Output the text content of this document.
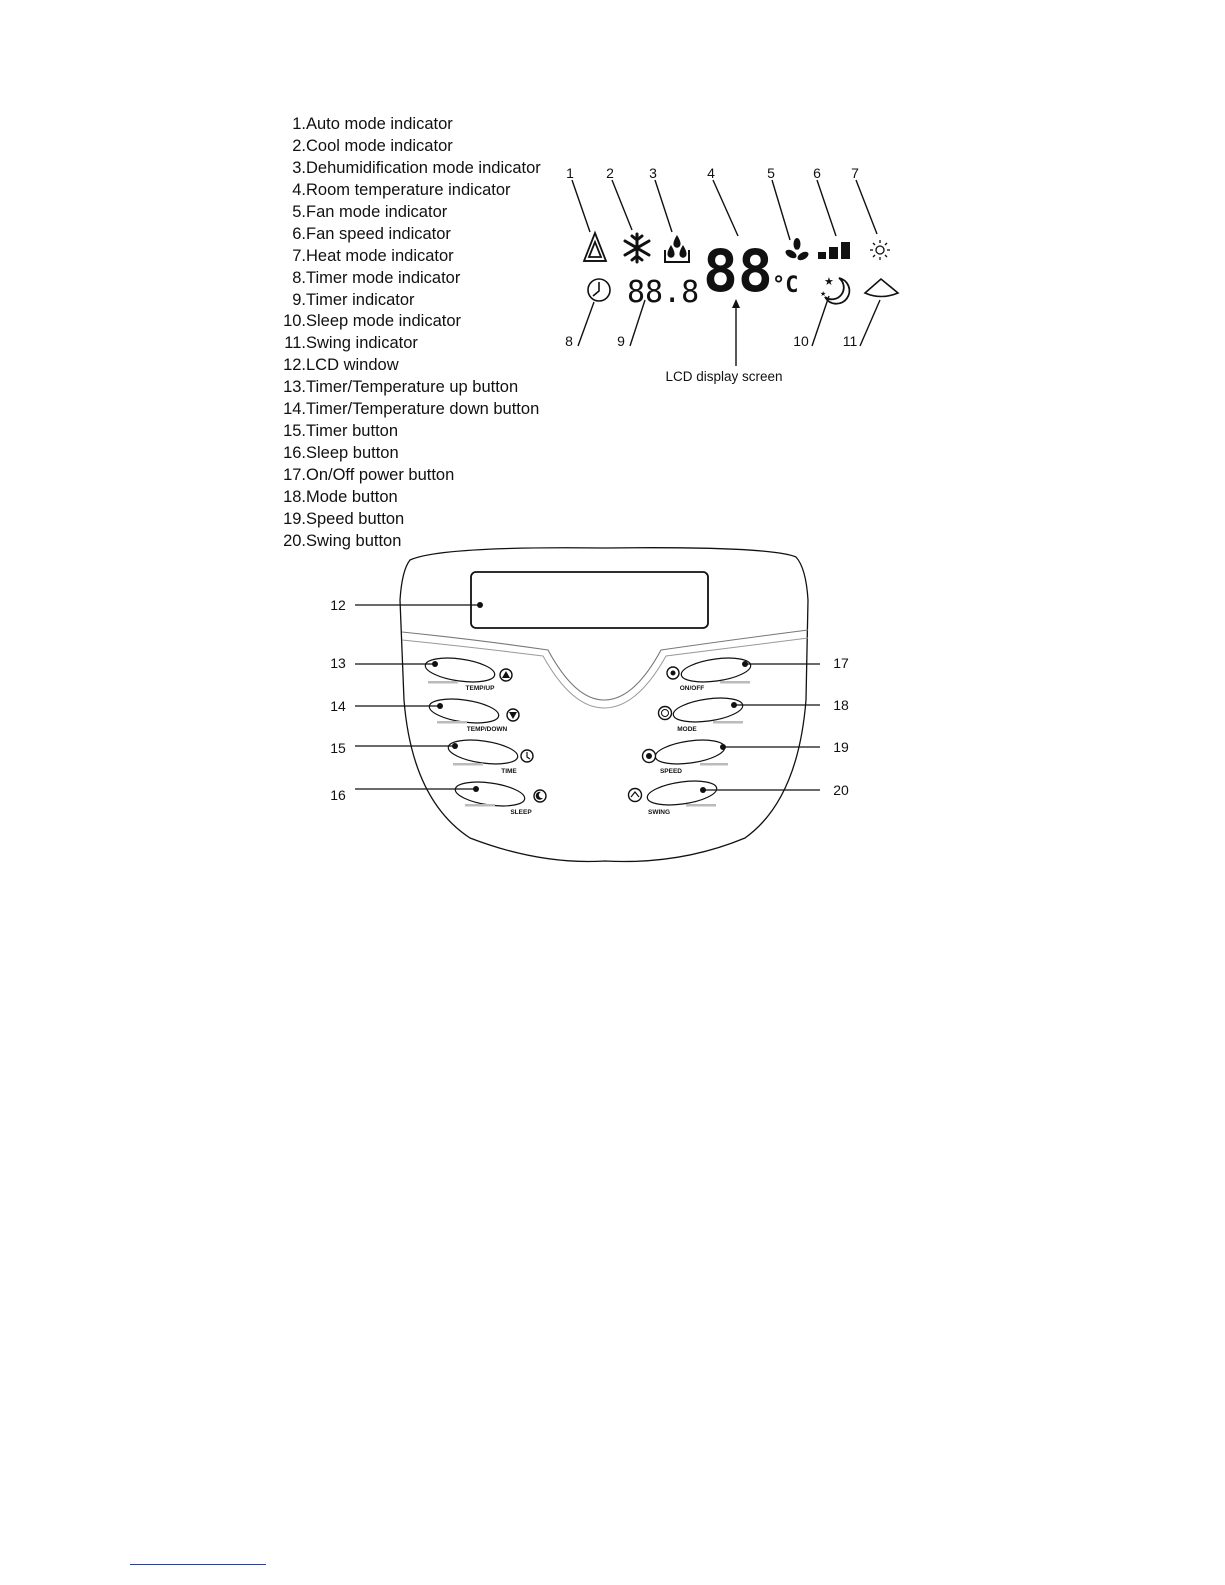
1.Auto mode indicator
2.Cool mode indicator
3.Dehumidification mode indicator
4.Room temperature indicator
5.Fan mode indicator
6.Fan speed indicator
7.Heat mode indicator
8.Timer mode indicator
9.Timer indicator
10.Sleep mode indicator
11.Swing indicator
12.LCD window
13.Timer/Temperature up button
14.Timer/Temperature down button
15.Timer button
16.Sleep button
17.On/Off power button
18.Mode button
19.Speed button
20.Swing button
88 °C
88.8	★
★
1 2	3	4	5	6 7
8	9	10 11
LCD display screen
TEMP/UP
TEMP/DOWN
TIME
SLEEP
ON/OFF
MODE
SPEED
SWING
12
13
14
15
16
17
18
19
20
